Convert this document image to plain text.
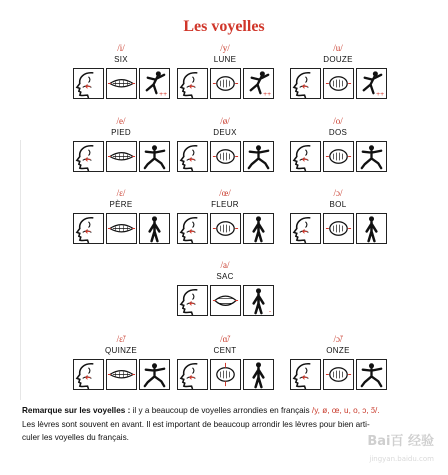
Les voyelles
/i/
SIX
++
/y/
LUNE
++
/u/
DOUZE
++
/e/
PIED
/ø/
DEUX
/o/
DOS
/ɛ/
PÈRE
/œ/
FLEUR
/ɔ/
BOL
/a/
SAC
-
/ɛ̃/
QUINZE
/ɑ̃/
CENT
/ɔ̃/
ONZE
Remarque sur les voyelles : il y a beaucoup de voyelles arrondies en français /y, ø, œ, u, o, ɔ, ɔ̃/.
Les lèvres sont souvent en avant. Il est important de beaucoup arrondir les lèvres pour bien arti-
culer les voyelles du français.	Bai百 经验
jingyan.baidu.com
